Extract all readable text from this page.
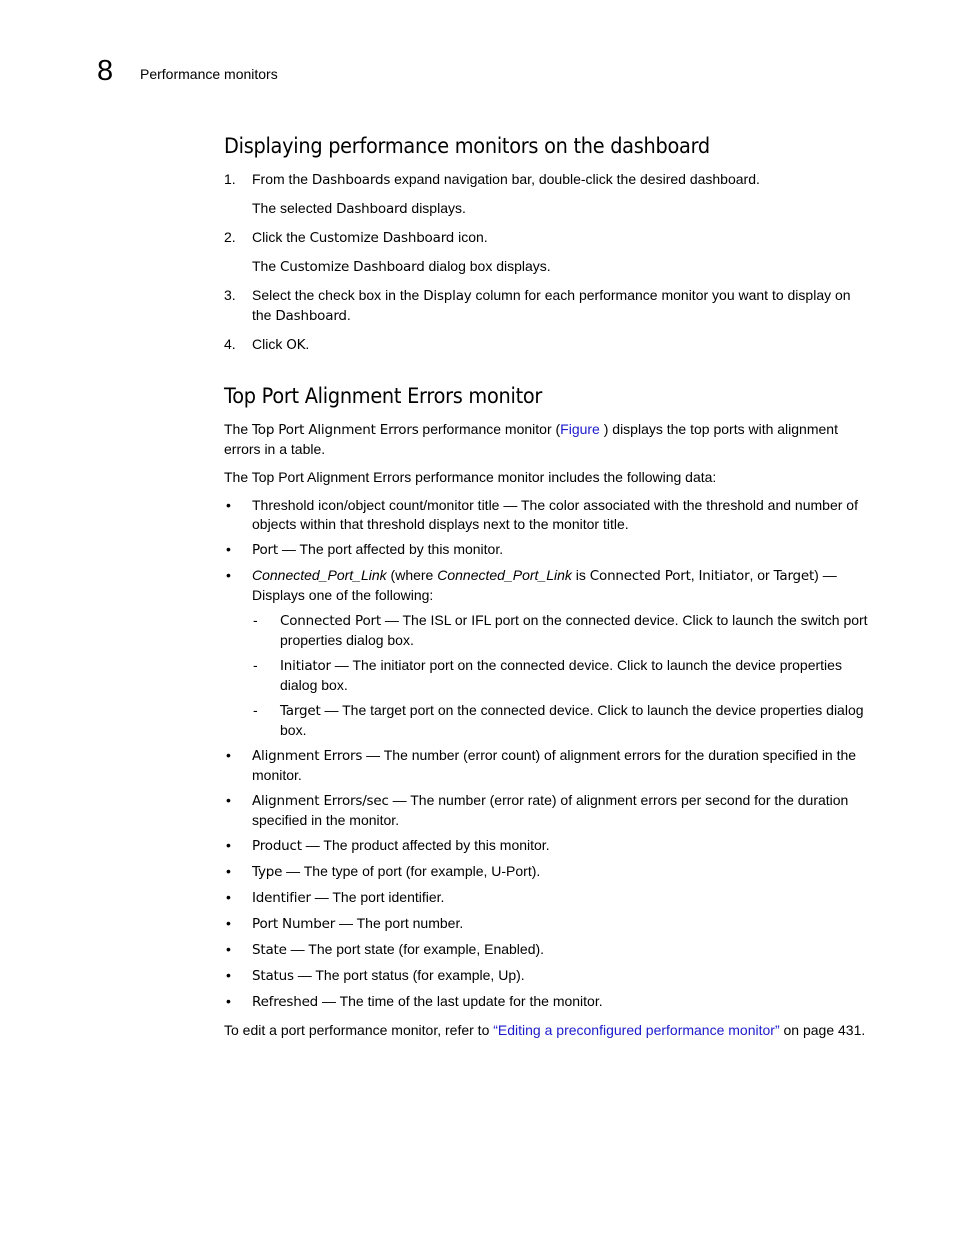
8 Performance monitors
Displaying performance monitors on the dashboard
1. From the Dashboards expand navigation bar, double-click the desired dashboard.
The selected Dashboard displays.
2. Click the Customize Dashboard icon.
The Customize Dashboard dialog box displays.
3. Select the check box in the Display column for each performance monitor you want to display on the Dashboard.
4. Click OK.
Top Port Alignment Errors monitor

The Top Port Alignment Errors performance monitor (Figure ) displays the top ports with alignment errors in a table.

The Top Port Alignment Errors performance monitor includes the following data:

• Threshold icon/object count/monitor title — The color associated with the threshold and number of objects within that threshold displays next to the monitor title.
• Port — The port affected by this monitor.
• Connected_Port_Link (where Connected_Port_Link is Connected Port, Initiator, or Target) — Displays one of the following:
- Connected Port — The ISL or IFL port on the connected device. Click to launch the switch port properties dialog box.
- Initiator — The initiator port on the connected device. Click to launch the device properties dialog box.
- Target — The target port on the connected device. Click to launch the device properties dialog box.
• Alignment Errors — The number (error count) of alignment errors for the duration specified in the monitor.
• Alignment Errors/sec — The number (error rate) of alignment errors per second for the duration specified in the monitor.
• Product — The product affected by this monitor.
• Type — The type of port (for example, U-Port).
• Identifier — The port identifier.
• Port Number — The port number.
• State — The port state (for example, Enabled).
• Status — The port status (for example, Up).
• Refreshed — The time of the last update for the monitor.

To edit a port performance monitor, refer to “Editing a preconfigured performance monitor” on page 431.
